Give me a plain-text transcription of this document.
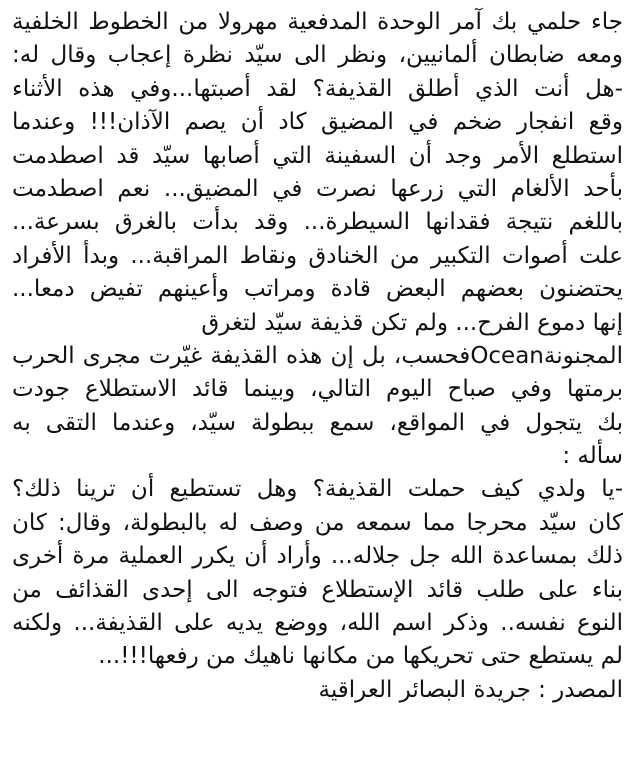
جاء حلمي بك آمر الوحدة المدفعية مهرولا من الخطوط الخلفية
ومعه ضابطان ألمانيين، ونظر الى سيّد نظرة إعجاب وقال له:
-هل أنت الذي أطلق القذيفة؟ لقد أصبتها...وفي هذه الأثناء
وقع انفجار ضخم في المضيق كاد أن يصم الآذان!!! وعندما
استطلع الأمر وجد أن السفينة التي أصابها سيّد قد اصطدمت
بأحد الألغام التي زرعها نصرت في المضيق... نعم اصطدمت
باللغم نتيجة فقدانها السيطرة... وقد بدأت بالغرق بسرعة...
علت أصوات التكبير من الخنادق ونقاط المراقبة... وبدأ الأفراد
يحتضنون بعضهم البعض قادة ومراتب وأعينهم تفيض دمعا...
إنها دموع الفرح... ولم تكن قذيفة سيّد لتغرق
المجنونةOceanفحسب، بل إن هذه القذيفة غيّرت مجرى الحرب
برمتها وفي صباح اليوم التالي، وبينما قائد الاستطلاع جودت
بك يتجول في المواقع، سمع ببطولة سيّد، وعندما التقى به
سأله :
-يا ولدي كيف حملت القذيفة؟ وهل تستطيع أن ترينا ذلك؟
كان سيّد محرجا مما سمعه من وصف له بالبطولة، وقال: كان
ذلك بمساعدة الله جل جلاله... وأراد أن يكرر العملية مرة أخرى
بناء على طلب قائد الإستطلاع فتوجه الى إحدى القذائف من
النوع نفسه.. وذكر اسم الله، ووضع يديه على القذيفة... ولكنه
لم يستطع حتى تحريكها من مكانها ناهيك من رفعها!!!...
المصدر : جريدة البصائر العراقية
